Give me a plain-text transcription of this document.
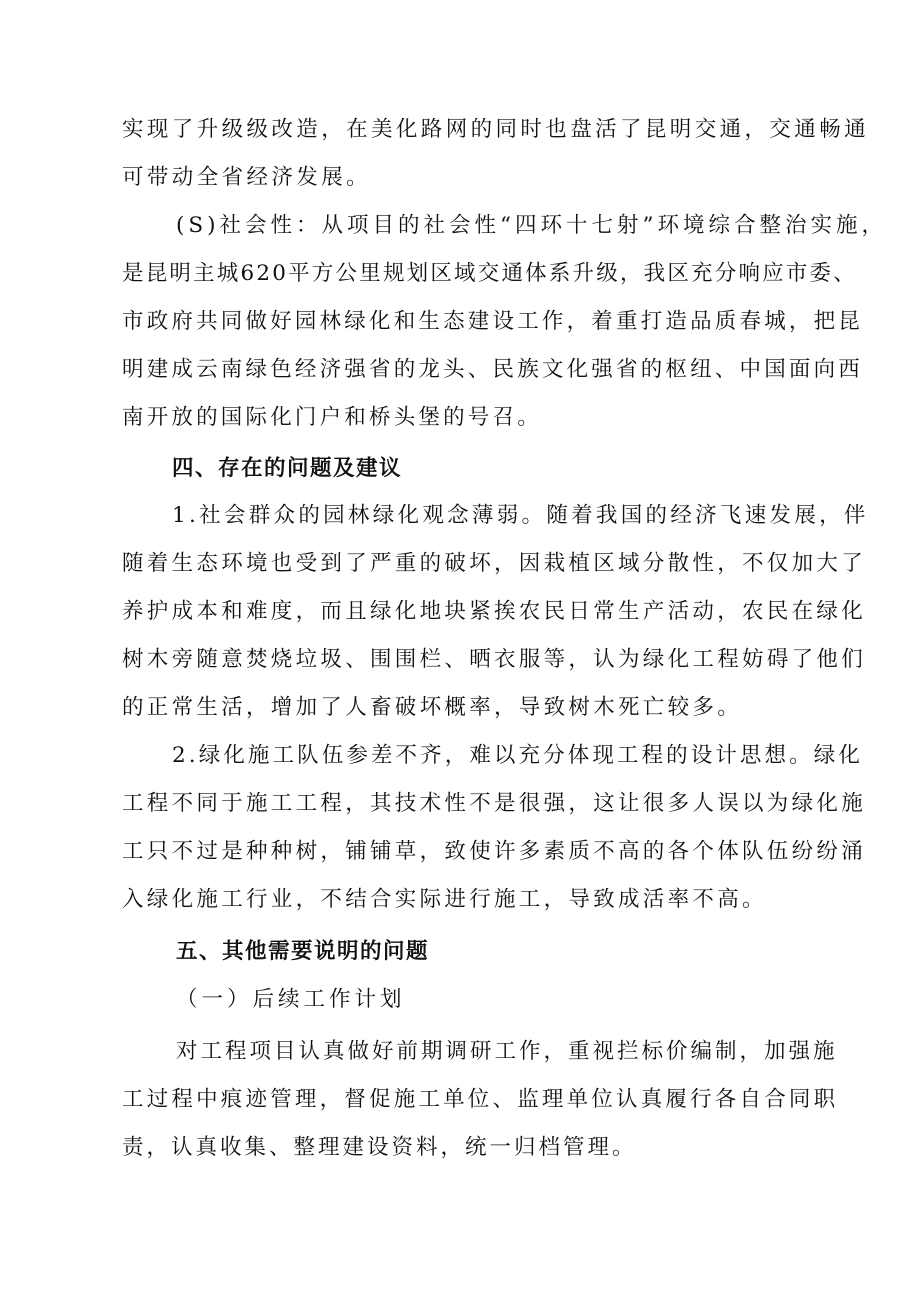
实现了升级级改造，在美化路网的同时也盘活了昆明交通，交通畅通
可带动全省经济发展。
(S)社会性：从项目的社会性“四环十七射”环境综合整治实施，
是昆明主城620平方公里规划区域交通体系升级，我区充分响应市委、
市政府共同做好园林绿化和生态建设工作，着重打造品质春城，把昆
明建成云南绿色经济强省的龙头、民族文化强省的枢纽、中国面向西
南开放的国际化门户和桥头堡的号召。
四、存在的问题及建议
1.社会群众的园林绿化观念薄弱。随着我国的经济飞速发展，伴
随着生态环境也受到了严重的破坏，因栽植区域分散性，不仅加大了
养护成本和难度，而且绿化地块紧挨农民日常生产活动，农民在绿化
树木旁随意焚烧垃圾、围围栏、晒衣服等，认为绿化工程妨碍了他们
的正常生活，增加了人畜破坏概率，导致树木死亡较多。
2.绿化施工队伍参差不齐，难以充分体现工程的设计思想。绿化
工程不同于施工工程，其技术性不是很强，这让很多人误以为绿化施
工只不过是种种树，铺铺草，致使许多素质不高的各个体队伍纷纷涌
入绿化施工行业，不结合实际进行施工，导致成活率不高。
五、其他需要说明的问题
（一）后续工作计划
对工程项目认真做好前期调研工作，重视拦标价编制，加强施
工过程中痕迹管理，督促施工单位、监理单位认真履行各自合同职
责，认真收集、整理建设资料，统一归档管理。
